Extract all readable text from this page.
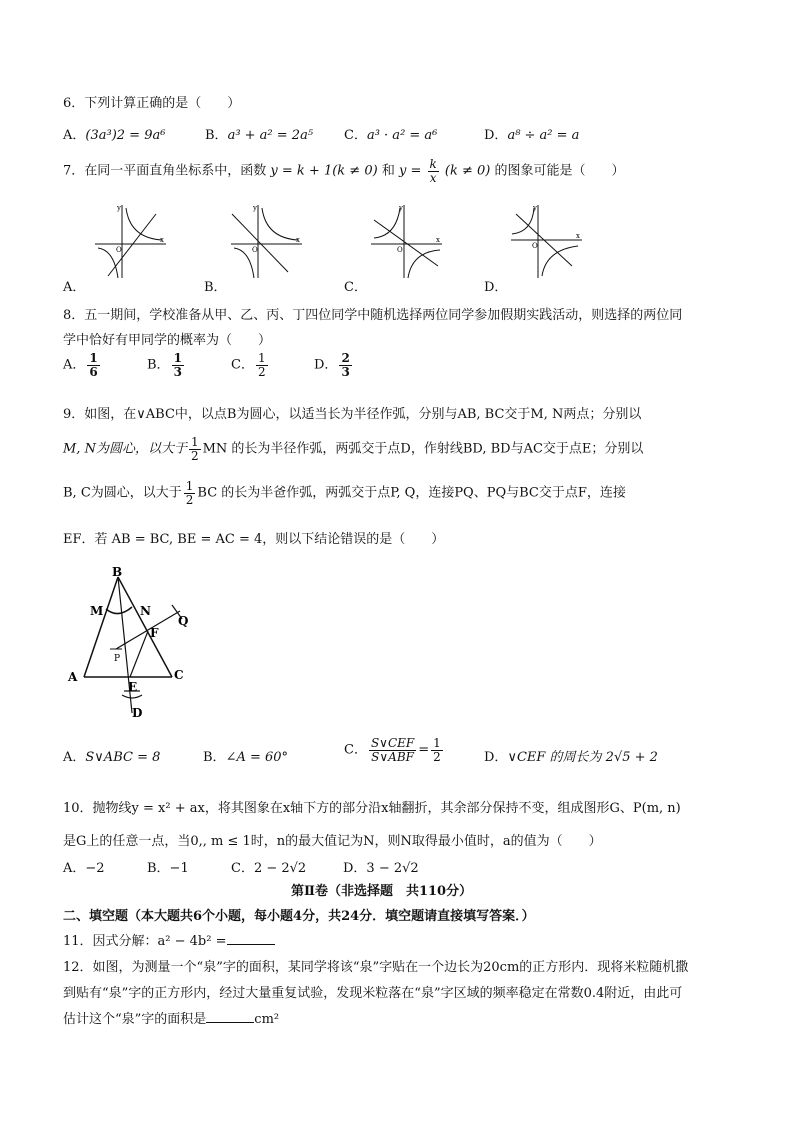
6．下列计算正确的是（　　）
A．(3a³)2 = 9a⁶	B．a³ + a² = 2a⁵ C．a³ · a² = a⁶	D．a⁸ ÷ a² = a
7．在同一平面直角坐标系中，函数 y = k + 1(k ≠ 0) 和 $y = \frac{k}{x} (k \ne 0)$ 的图象可能是（　　）
y
x
O
y
x
O
y
x
O
y
x
O
A．	B．	C．	D．
8．五一期间，学校准备从甲、乙、丙、丁四位同学中随机选择两位同学参加假期实践活动，则选择的两位同
学中恰好有甲同学的概率为（　　）
A． $\frac{1}{6}$	B． $\frac{1}{3}$	C． $\frac{1}{2}$	D． $\frac{2}{3}$
9．如图，在∨ABC中，以点B为圆心，以适当长为半径作弧，分别与AB, BC交于M, N两点；分别以
M, N为圆心，以大于 $\frac{1}{2}$ MN 的长为半径作弧，两弧交于点D，作射线BD, BD与AC交于点E；分别以
B, C为圆心，以大于 $\frac{1}{2}$ BC 的长为半爸作弧，两弧交于点P, Q，连接PQ、PQ与BC交于点F，连接
EF．若 AB = BC, BE = AC = 4，则以下结论错误的是（　　）
B
M	N
Q
F
P
A	C
E
D
A．S∨ABC = 8	B．∠A = 60°	C． $\frac{\text{S∨CEF}}{\text{S∨ABF}} = \frac{1}{2}$	D．∨CEF 的周长为 2√5 + 2
10．抛物线y = x² + ax，将其图象在x轴下方的部分沿x轴翻折，其余部分保持不变，组成图形G、P(m, n)
是G上的任意一点，当0,, m ≤ 1时，n的最大值记为N，则N取得最小值时，a的值为（　　）
A．−2	B．−1	C．2 − 2√2	D．3 − 2√2
第Ⅱ卷（非选择题　共110分）
二、填空题（本大题共6个小题，每小题4分，共24分．填空题请直接填写答案．）
11．因式分解：a² − 4b² =
12．如图，为测量一个“泉”字的面积，某同学将该“泉”字贴在一个边长为20cm的正方形内．现将米粒随机撒
到贴有“泉”字的正方形内，经过大量重复试验，发现米粒落在“泉”字区域的频率稳定在常数0.4附近，由此可
估计这个“泉”字的面积是	cm²
